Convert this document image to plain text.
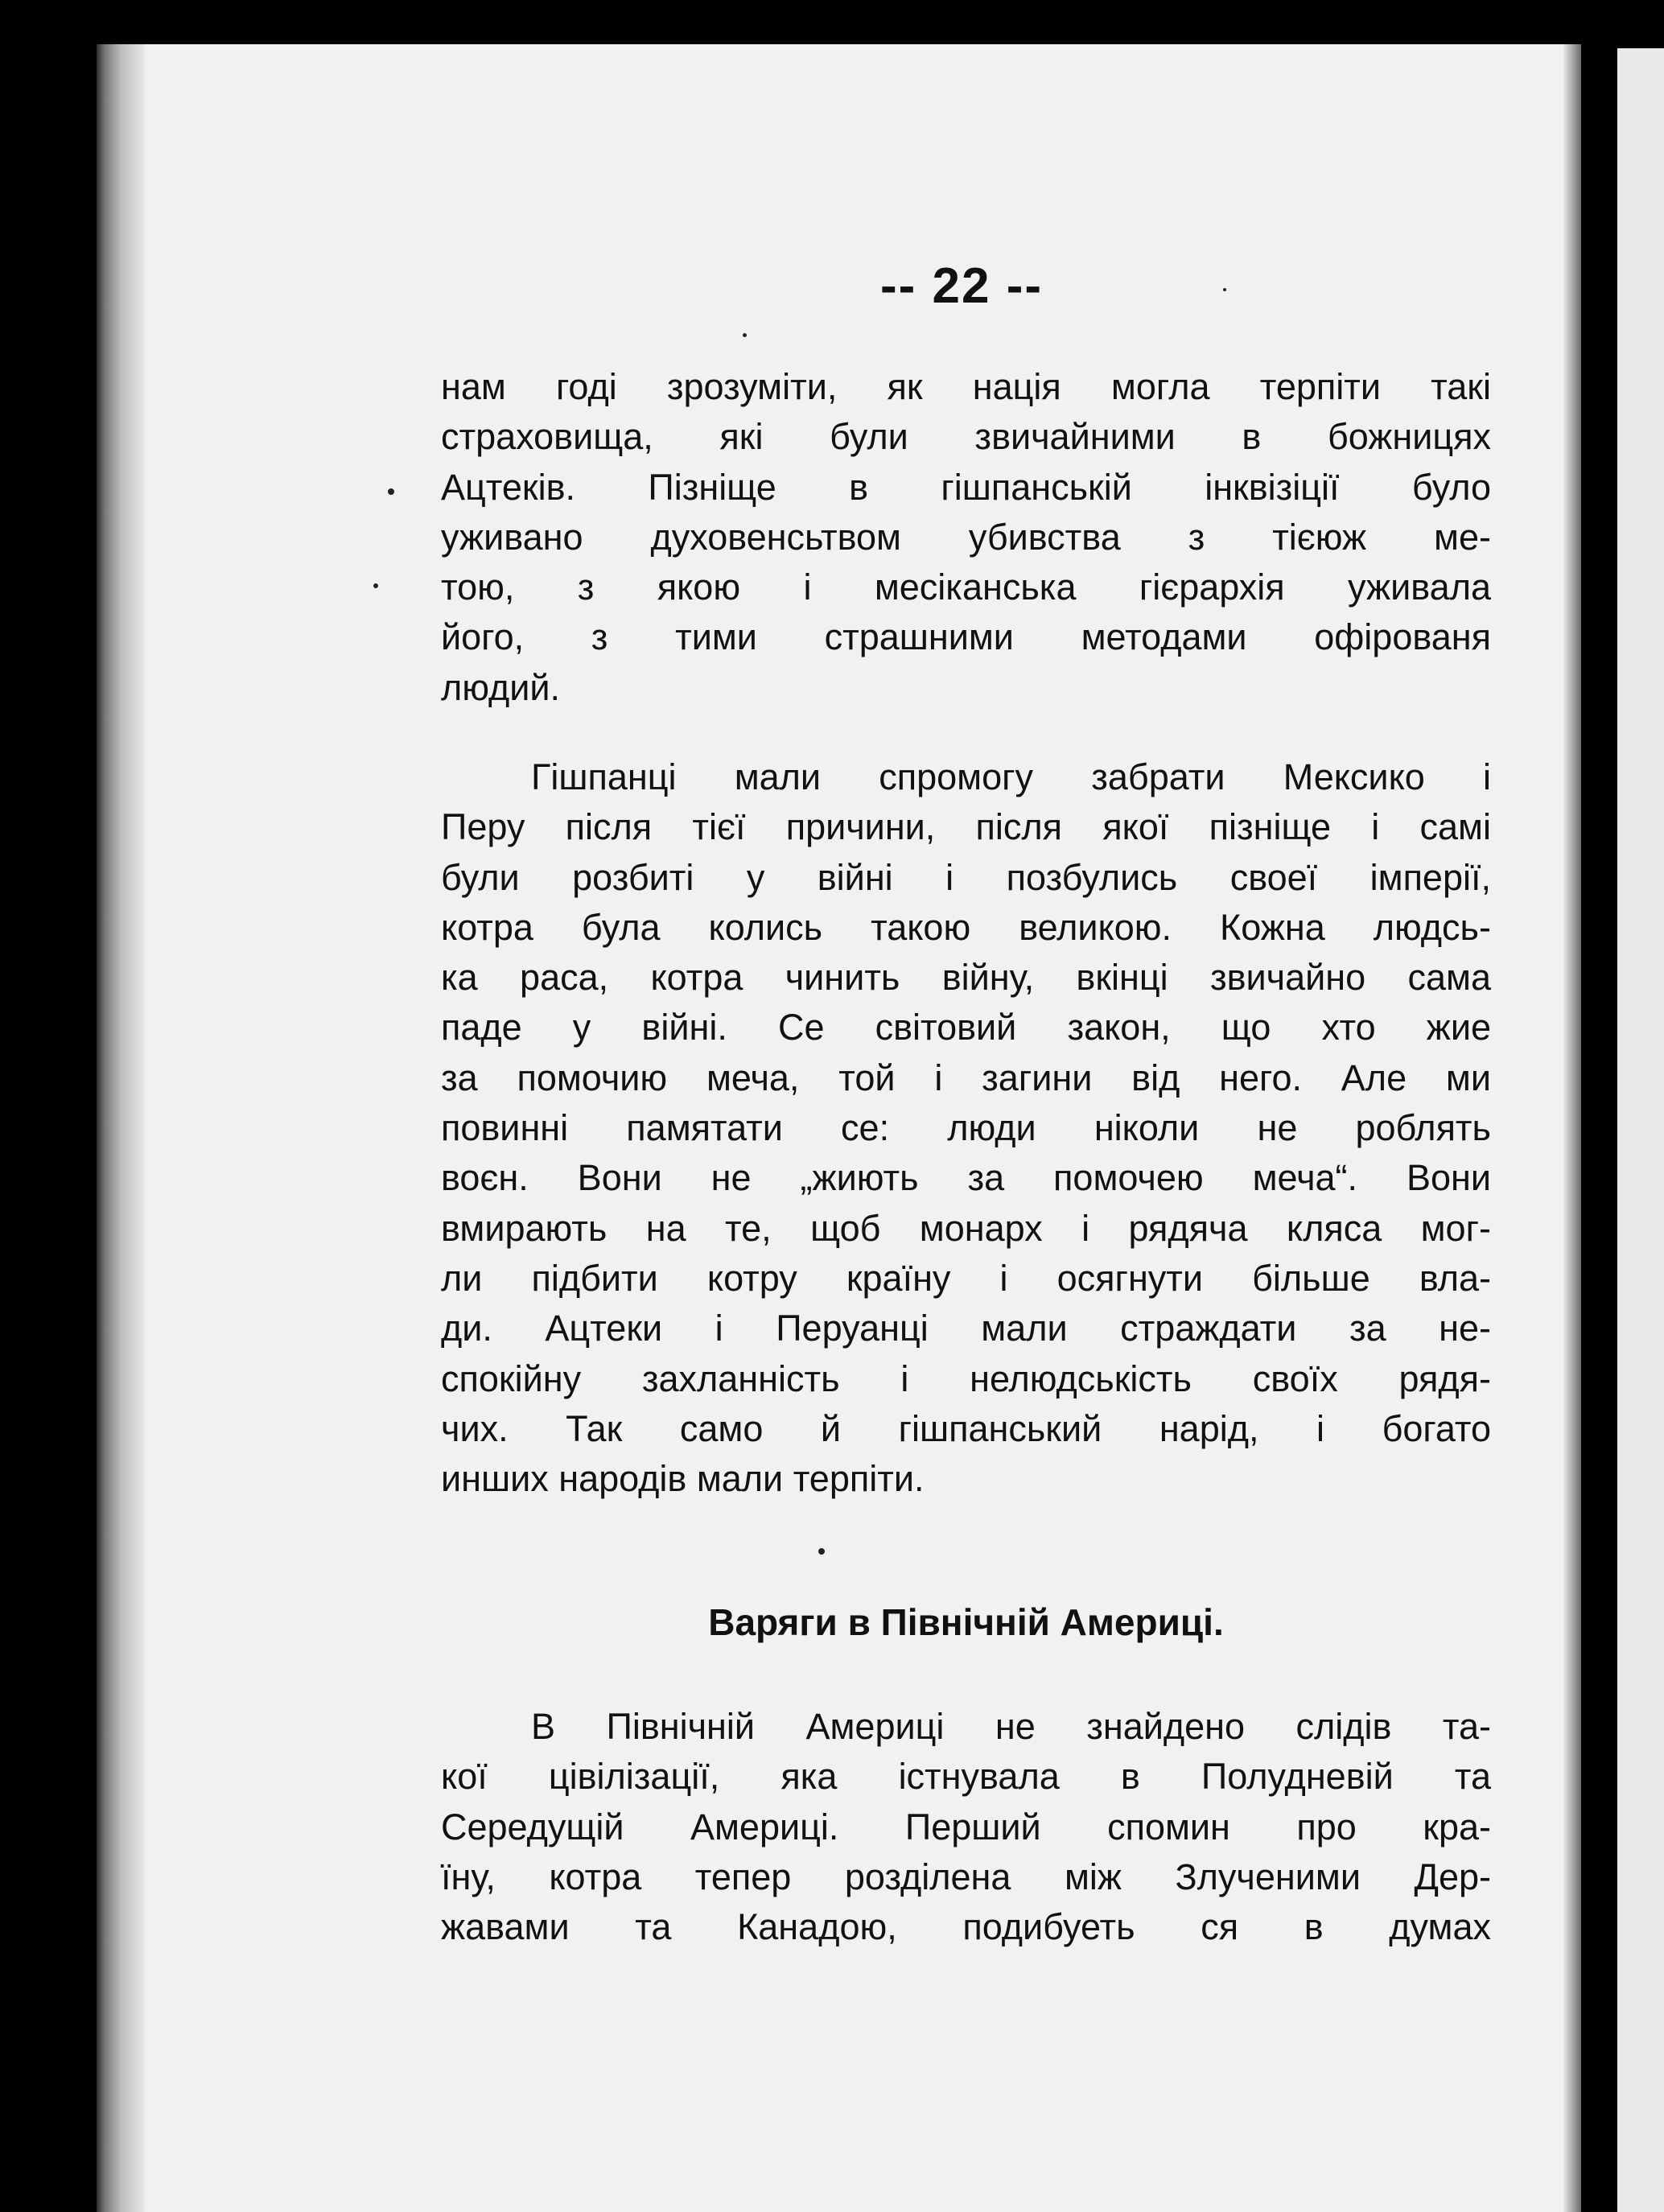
-- 22 --

нам годі зрозуміти, як нація могла терпіти такі
страховища, які були звичайними в божницях
Ацтеків. Пізніще в гішпанській інквізіції було
уживано духовенсьтвом убивства з тієюж ме-
тою, з якою і месіканська гієрархія уживала
його, з тими страшними методами офірованя
людий.

Гішпанці мали спромогу забрати Мексико і
Перу після тієї причини, після якої пізніще і самі
були розбиті у війні і позбулись своеї імперії,
котра була колись такою великою. Кожна людсь-
ка раса, котра чинить війну, вкінці звичайно сама
паде у війні. Се світовий закон, що хто жие
за помочию меча, той і загини від него. Але ми
повинні памятати се: люди ніколи не роблять
воєн. Вони не „жиють за помочею меча“. Вони
вмирають на те, щоб монарх і рядяча кляса мог-
ли підбити котру країну і осягнути більше вла-
ди. Ацтеки і Перуанці мали страждати за не-
спокійну захланність і нелюдськість своїх рядя-
чих. Так само й гішпанський нарід, і богато
инших народів мали терпіти.

Варяги в Північній Америці.

В Північній Америці не знайдено слідів та-
кої цівілізації, яка істнувала в Полудневій та
Середущій Америці. Перший спомин про кра-
їну, котра тепер розділена між Злученими Дер-
жавами та Канадою, подибуеть ся в думах
